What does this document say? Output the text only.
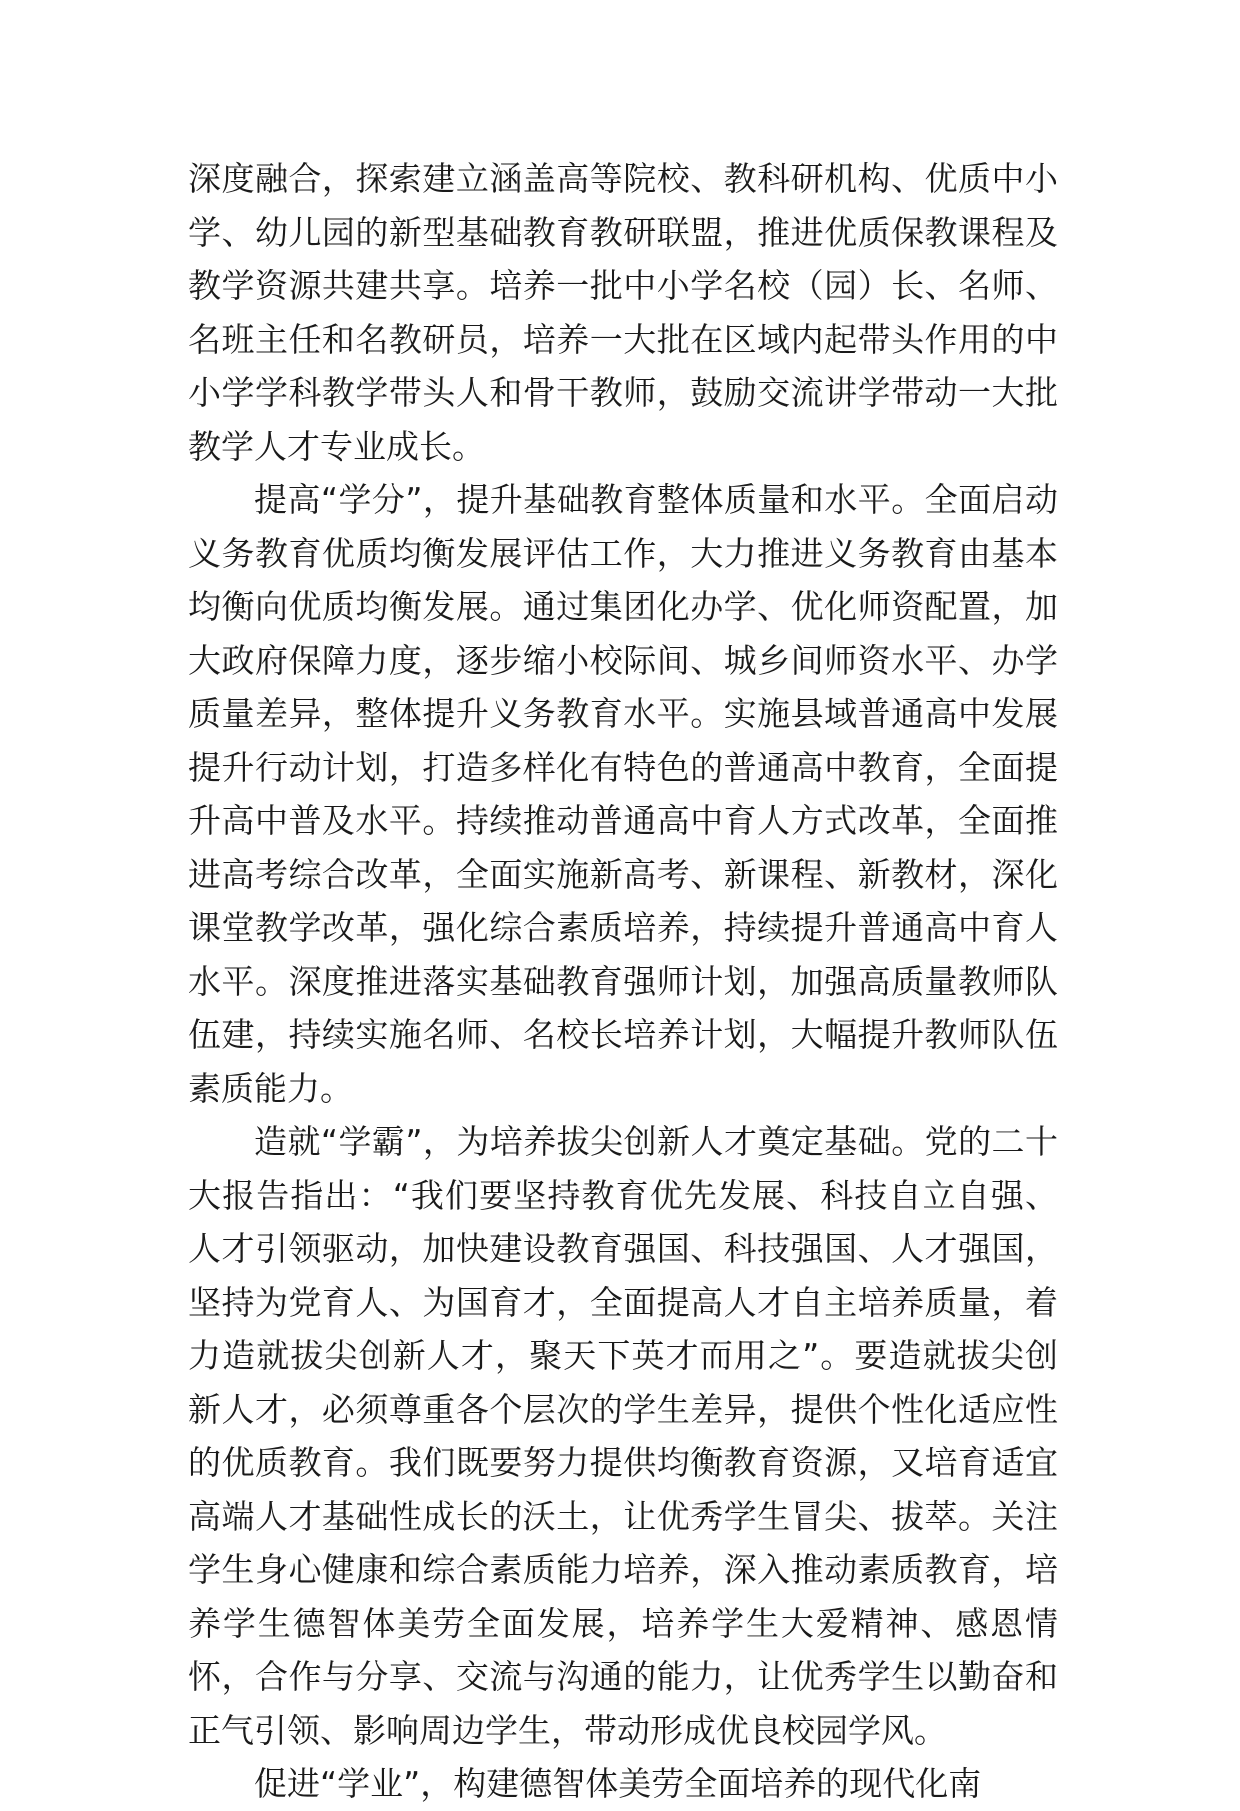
深度融合，探索建立涵盖高等院校、教科研机构、优质中小学、幼儿园的新型基础教育教研联盟，推进优质保教课程及教学资源共建共享。培养一批中小学名校（园）长、名师、名班主任和名教研员，培养一大批在区域内起带头作用的中小学学科教学带头人和骨干教师，鼓励交流讲学带动一大批教学人才专业成长。

提高“学分”，提升基础教育整体质量和水平。全面启动义务教育优质均衡发展评估工作，大力推进义务教育由基本均衡向优质均衡发展。通过集团化办学、优化师资配置，加大政府保障力度，逐步缩小校际间、城乡间师资水平、办学质量差异，整体提升义务教育水平。实施县域普通高中发展提升行动计划，打造多样化有特色的普通高中教育，全面提升高中普及水平。持续推动普通高中育人方式改革，全面推进高考综合改革，全面实施新高考、新课程、新教材，深化课堂教学改革，强化综合素质培养，持续提升普通高中育人水平。深度推进落实基础教育强师计划，加强高质量教师队伍建，持续实施名师、名校长培养计划，大幅提升教师队伍素质能力。

造就“学霸”，为培养拔尖创新人才奠定基础。党的二十大报告指出：“我们要坚持教育优先发展、科技自立自强、人才引领驱动，加快建设教育强国、科技强国、人才强国，坚持为党育人、为国育才，全面提高人才自主培养质量，着力造就拔尖创新人才，聚天下英才而用之”。要造就拔尖创新人才，必须尊重各个层次的学生差异，提供个性化适应性的优质教育。我们既要努力提供均衡教育资源，又培育适宜高端人才基础性成长的沃土，让优秀学生冒尖、拔萃。关注学生身心健康和综合素质能力培养，深入推动素质教育，培养学生德智体美劳全面发展，培养学生大爱精神、感恩情怀，合作与分享、交流与沟通的能力，让优秀学生以勤奋和正气引领、影响周边学生，带动形成优良校园学风。

促进“学业”，构建德智体美劳全面培养的现代化南
